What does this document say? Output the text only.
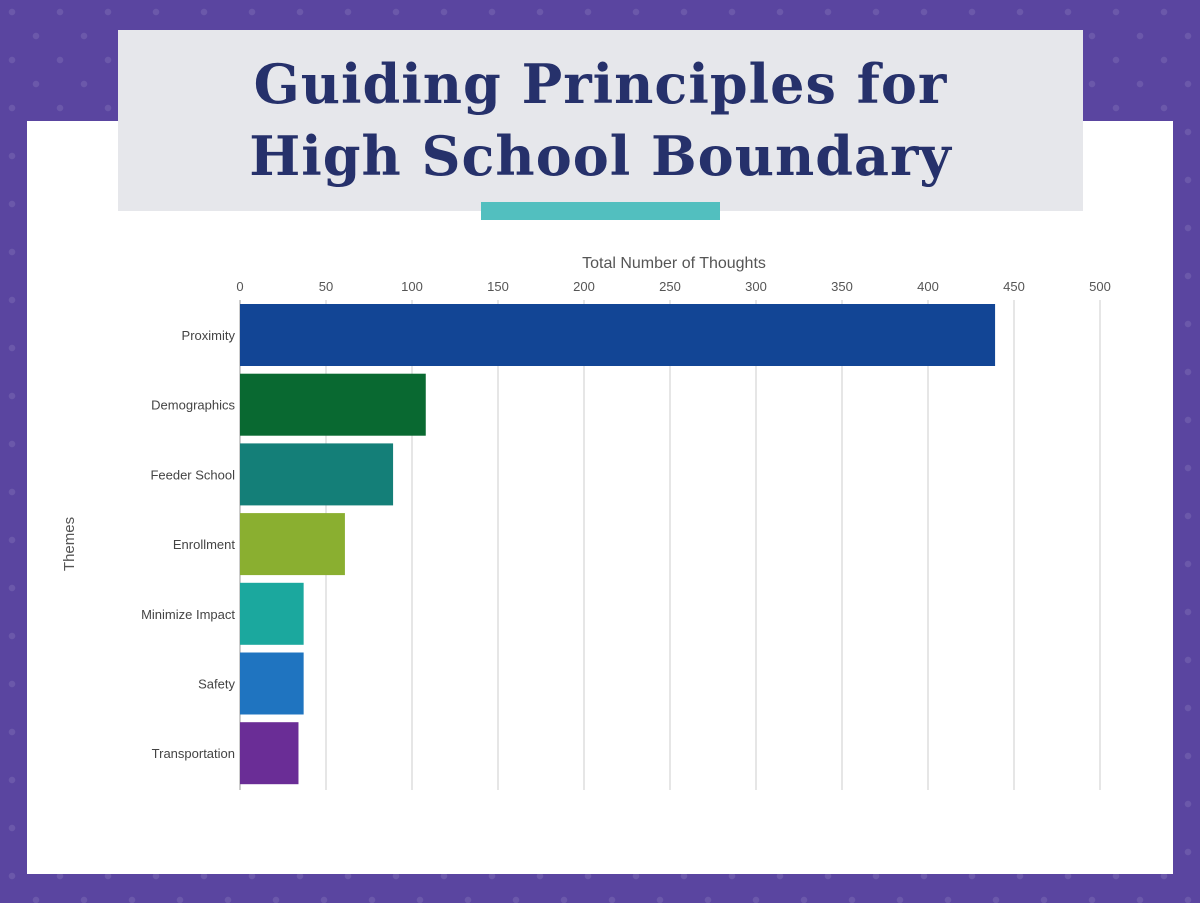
Guiding Principles for
High School Boundary
0	50	100	150	200	250	300	350	400	450	500
Proximity
Demographics
Feeder School
Enrollment
Minimize Impact
Safety
Transportation
Total Number of Thoughts
Themes
